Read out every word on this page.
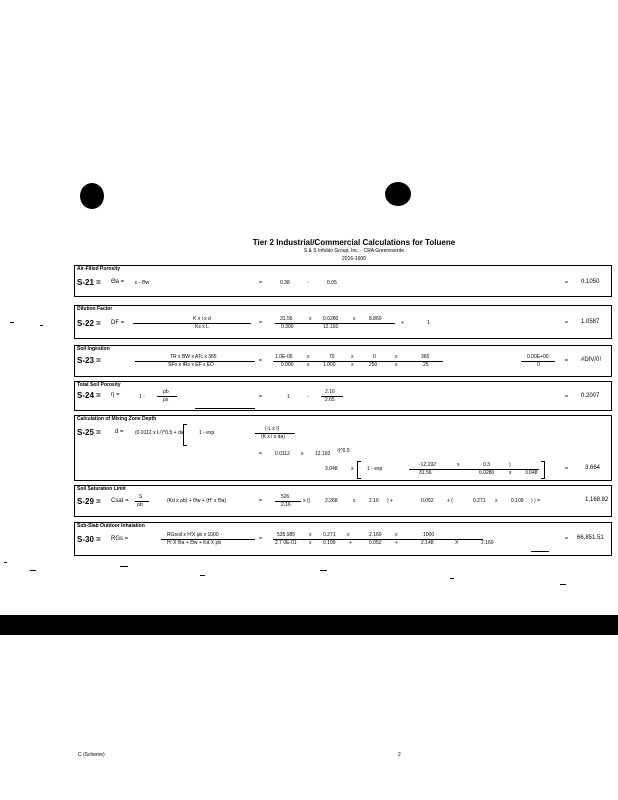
Tier 2 Industrial/Commercial Calculations for Toluene
S & S Infobio Group, Inc. - CRA Greensverde
2016-1600
Air-Filled Porosity
S-21 = Θa = ε - Θw	=	0.38	-	0.05	= 0.1050
Dilution Factor
S-22 = DF =
K x i x d
Ks x L
=
31.56	x 0.0280	x	8.860
0.300	12.192
+	1	= 1.0587
Soil Ingestion
S-23 =	TR x BW x ATc x 365
SFo x IRs x EF x ED
=
1.0E-05	x	70	x	0	x	365
0.000	x	1.000	x	250	x	25
0.00E+00
0
= #DIV/0!
Total Soil Porosity
S-24 = η =	1 -
ρb
ρs	=	1	-
2.16
2.65	= 0.2007
Calculation of Mixing Zone Depth
S-25 = d = (0.0112 x L²)^0.5 + da	1 - exp
(-L x I)
(K x i x da)
=	0.0112 x 12.192 ²)^0.5
3.048	x	1 - exp
-12.192	x	0.3	)
31.56	0.0280	x	3.048
=	3.664
Soil Saturation Limit
S-29 = Csat =
S
ρb
(Kd x ρb) + Θw + (H' x Θa)	=
526
2.16
x ((	2.268	x	2.16 ) +	0.052	+ (	0.271 x	0.109 ) ) =	1,168.82
Sub-Slab Outdoor Inhalation
S-30 = RGs =
RGsoil x H'X ρb x 1000
H' X Θa + Θw + Kd X ρb
=
535.985	x 0.271 x	2.160	x	1000
2.7 0E-01 x 0.109	+	0.052	+	2.148	X	2.160
= 66,851.51
C (Scheme)	2
